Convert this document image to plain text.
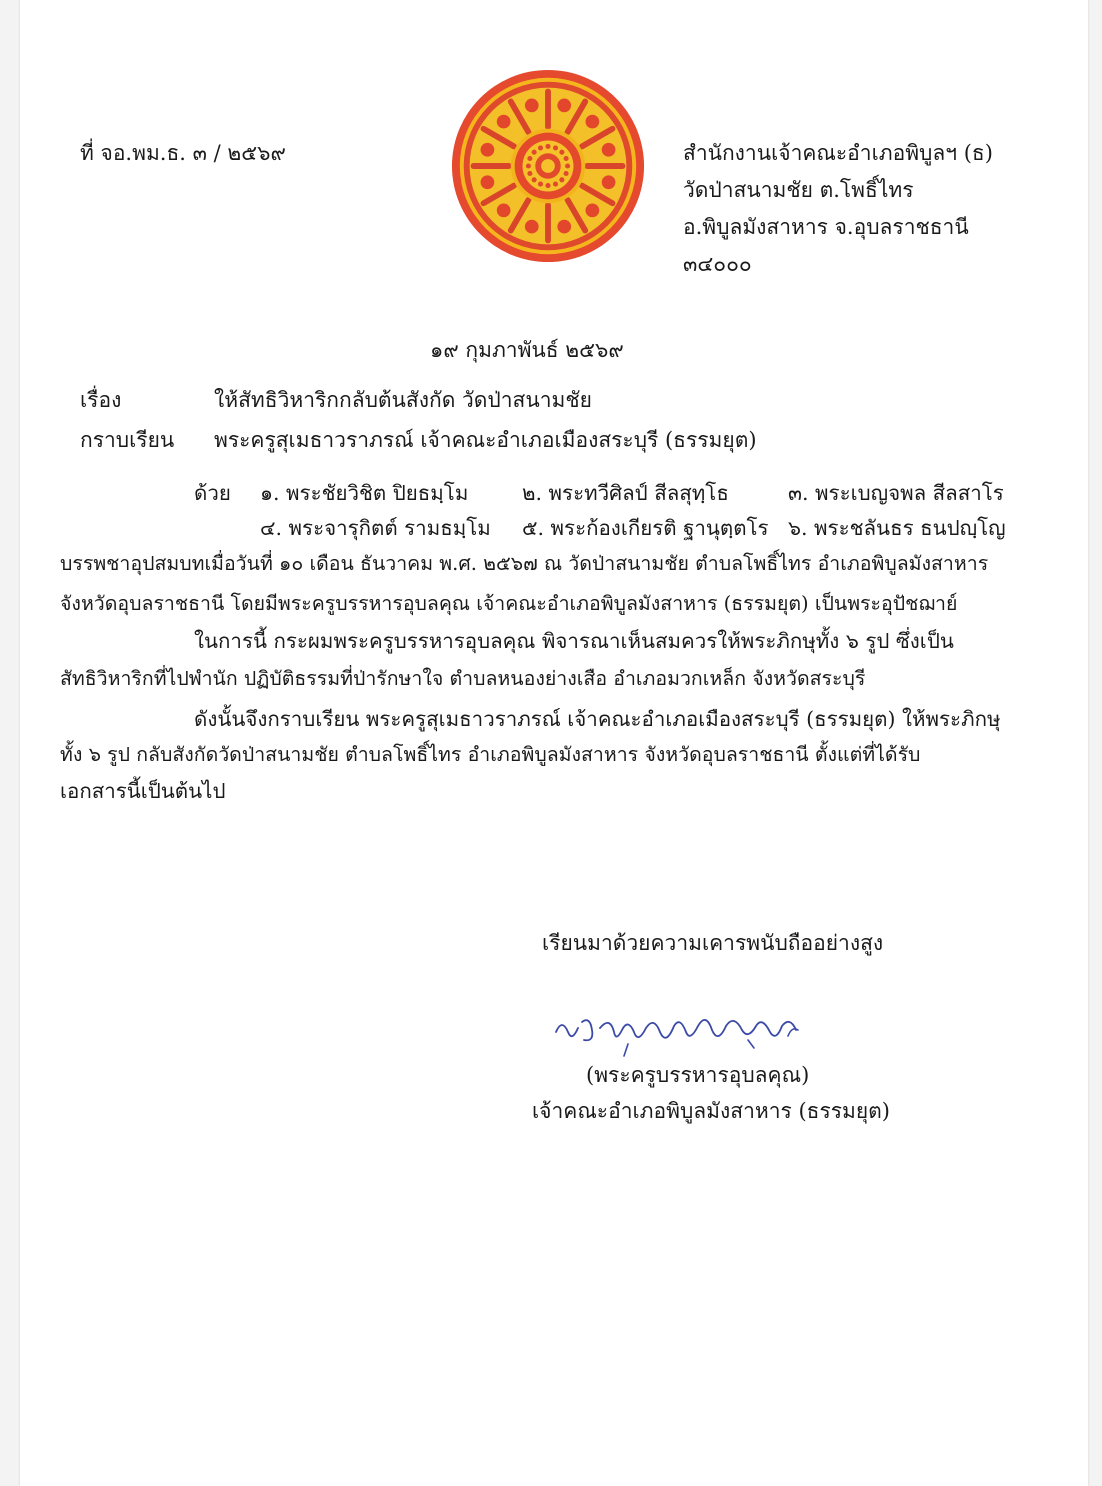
ที่ จอ.พม.ธ. ๓ / ๒๕๖๙	สำนักงานเจ้าคณะอำเภอพิบูลฯ (ธ)
วัดป่าสนามชัย ต.โพธิ์ไทร
อ.พิบูลมังสาหาร จ.อุบลราชธานี
๓๔๐๐๐
๑๙ กุมภาพันธ์ ๒๕๖๙
เรื่อง	ให้สัทธิวิหาริกกลับต้นสังกัด วัดป่าสนามชัย
กราบเรียน พระครูสุเมธาวราภรณ์ เจ้าคณะอำเภอเมืองสระบุรี (ธรรมยุต)
ด้วย ๑. พระชัยวิชิต ปิยธมฺโม	๒. พระทวีศิลป์ สีลสุทฺโธ	๓. พระเบญจพล สีลสาโร
๔. พระจารุกิตต์ รามธมฺโม ๕. พระก้องเกียรติ ฐานุตฺตโร ๖. พระชลันธร ธนปญฺโญ
บรรพชาอุปสมบทเมื่อวันที่ ๑๐ เดือน ธันวาคม พ.ศ. ๒๕๖๗ ณ วัดป่าสนามชัย ตำบลโพธิ์ไทร อำเภอพิบูลมังสาหาร
จังหวัดอุบลราชธานี โดยมีพระครูบรรหารอุบลคุณ เจ้าคณะอำเภอพิบูลมังสาหาร (ธรรมยุต) เป็นพระอุปัชฌาย์
ในการนี้ กระผมพระครูบรรหารอุบลคุณ พิจารณาเห็นสมควรให้พระภิกษุทั้ง ๖ รูป ซึ่งเป็น
สัทธิวิหาริกที่ไปพำนัก ปฏิบัติธรรมที่ป่ารักษาใจ ตำบลหนองย่างเสือ อำเภอมวกเหล็ก จังหวัดสระบุรี
ดังนั้นจึงกราบเรียน พระครูสุเมธาวราภรณ์ เจ้าคณะอำเภอเมืองสระบุรี (ธรรมยุต) ให้พระภิกษุ
ทั้ง ๖ รูป กลับสังกัดวัดป่าสนามชัย ตำบลโพธิ์ไทร อำเภอพิบูลมังสาหาร จังหวัดอุบลราชธานี ตั้งแต่ที่ได้รับ
เอกสารนี้เป็นต้นไป
เรียนมาด้วยความเคารพนับถืออย่างสูง
(พระครูบรรหารอุบลคุณ)
เจ้าคณะอำเภอพิบูลมังสาหาร (ธรรมยุต)
